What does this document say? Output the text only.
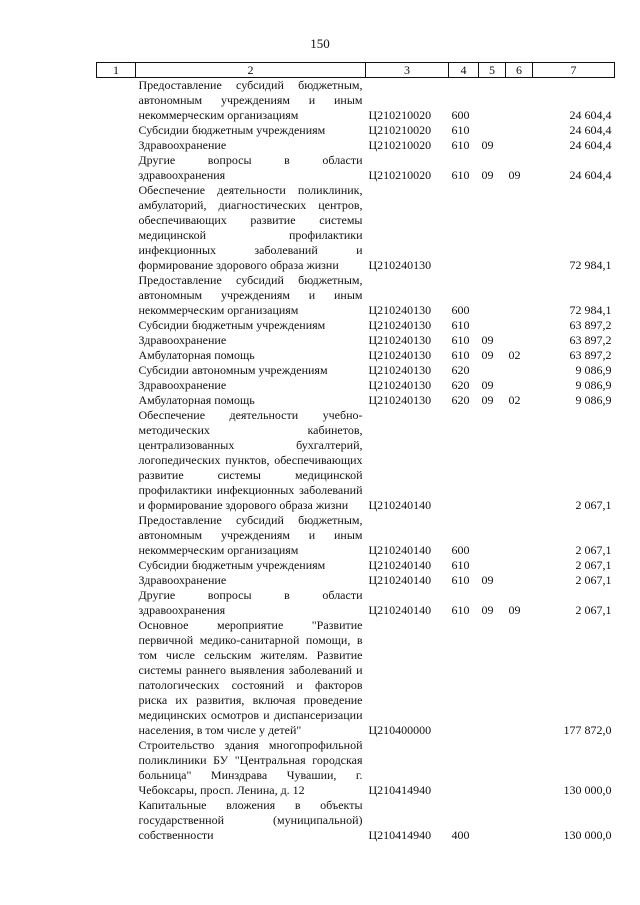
150
1	2	3	4	5	6	7
	Предоставление субсидий бюджетным, автономным учреждениям и иным некоммерческим организациям	Ц210210020	600			24 604,4
	Субсидии бюджетным учреждениям	Ц210210020	610			24 604,4
	Здравоохранение	Ц210210020	610	09		24 604,4
	Другие вопросы в области здравоохранения	Ц210210020	610	09	09	24 604,4
	Обеспечение деятельности поликлиник, амбулаторий, диагностических центров, обеспечивающих развитие системы медицинской профилактики инфекционных заболеваний и формирование здорового образа жизни	Ц210240130				72 984,1
	Предоставление субсидий бюджетным, автономным учреждениям и иным некоммерческим организациям	Ц210240130	600			72 984,1
	Субсидии бюджетным учреждениям	Ц210240130	610			63 897,2
	Здравоохранение	Ц210240130	610	09		63 897,2
	Амбулаторная помощь	Ц210240130	610	09	02	63 897,2
	Субсидии автономным учреждениям	Ц210240130	620			9 086,9
	Здравоохранение	Ц210240130	620	09		9 086,9
	Амбулаторная помощь	Ц210240130	620	09	02	9 086,9
	Обеспечение деятельности учебно-методических кабинетов, централизованных бухгалтерий, логопедических пунктов, обеспечивающих развитие системы медицинской профилактики инфекционных заболеваний и формирование здорового образа жизни	Ц210240140				2 067,1
	Предоставление субсидий бюджетным, автономным учреждениям и иным некоммерческим организациям	Ц210240140	600			2 067,1
	Субсидии бюджетным учреждениям	Ц210240140	610			2 067,1
	Здравоохранение	Ц210240140	610	09		2 067,1
	Другие вопросы в области здравоохранения	Ц210240140	610	09	09	2 067,1
	Основное мероприятие "Развитие первичной медико-санитарной помощи, в том числе сельским жителям. Развитие системы раннего выявления заболеваний и патологических состояний и факторов риска их развития, включая проведение медицинских осмотров и диспансеризации населения, в том числе у детей"	Ц210400000				177 872,0
	Строительство здания многопрофильной поликлиники БУ "Центральная городская больница" Минздрава Чувашии, г. Чебоксары, просп. Ленина, д. 12	Ц210414940				130 000,0
	Капитальные вложения в объекты государственной (муниципальной) собственности	Ц210414940	400			130 000,0
